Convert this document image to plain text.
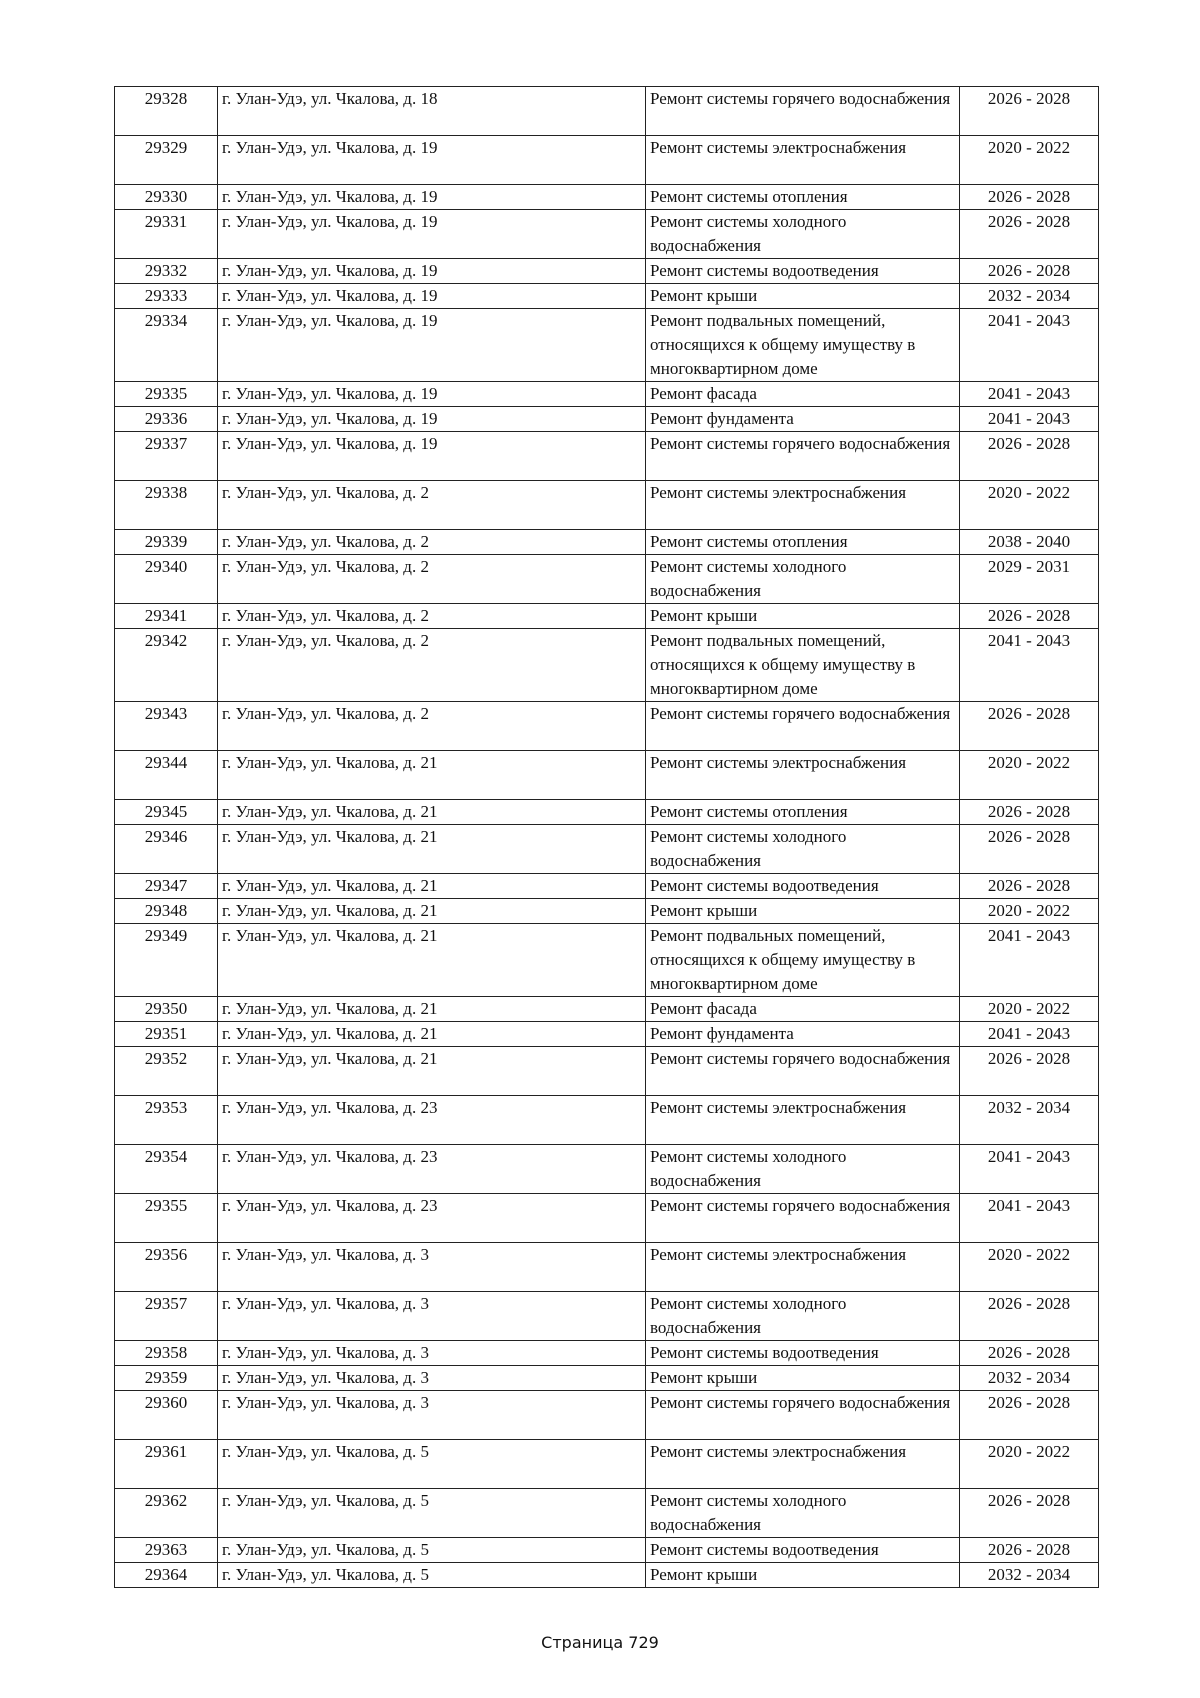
29328	г. Улан-Удэ, ул. Чкалова, д. 18	Ремонт системы горячего водоснабжения	2026 - 2028
29329	г. Улан-Удэ, ул. Чкалова, д. 19	Ремонт системы электроснабжения	2020 - 2022
29330	г. Улан-Удэ, ул. Чкалова, д. 19	Ремонт системы отопления	2026 - 2028
29331	г. Улан-Удэ, ул. Чкалова, д. 19	Ремонт системы холодного водоснабжения	2026 - 2028
29332	г. Улан-Удэ, ул. Чкалова, д. 19	Ремонт системы водоотведения	2026 - 2028
29333	г. Улан-Удэ, ул. Чкалова, д. 19	Ремонт крыши	2032 - 2034
29334	г. Улан-Удэ, ул. Чкалова, д. 19	Ремонт подвальных помещений, относящихся к общему имуществу в многоквартирном доме	2041 - 2043
29335	г. Улан-Удэ, ул. Чкалова, д. 19	Ремонт фасада	2041 - 2043
29336	г. Улан-Удэ, ул. Чкалова, д. 19	Ремонт фундамента	2041 - 2043
29337	г. Улан-Удэ, ул. Чкалова, д. 19	Ремонт системы горячего водоснабжения	2026 - 2028
29338	г. Улан-Удэ, ул. Чкалова, д. 2	Ремонт системы электроснабжения	2020 - 2022
29339	г. Улан-Удэ, ул. Чкалова, д. 2	Ремонт системы отопления	2038 - 2040
29340	г. Улан-Удэ, ул. Чкалова, д. 2	Ремонт системы холодного водоснабжения	2029 - 2031
29341	г. Улан-Удэ, ул. Чкалова, д. 2	Ремонт крыши	2026 - 2028
29342	г. Улан-Удэ, ул. Чкалова, д. 2	Ремонт подвальных помещений, относящихся к общему имуществу в многоквартирном доме	2041 - 2043
29343	г. Улан-Удэ, ул. Чкалова, д. 2	Ремонт системы горячего водоснабжения	2026 - 2028
29344	г. Улан-Удэ, ул. Чкалова, д. 21	Ремонт системы электроснабжения	2020 - 2022
29345	г. Улан-Удэ, ул. Чкалова, д. 21	Ремонт системы отопления	2026 - 2028
29346	г. Улан-Удэ, ул. Чкалова, д. 21	Ремонт системы холодного водоснабжения	2026 - 2028
29347	г. Улан-Удэ, ул. Чкалова, д. 21	Ремонт системы водоотведения	2026 - 2028
29348	г. Улан-Удэ, ул. Чкалова, д. 21	Ремонт крыши	2020 - 2022
29349	г. Улан-Удэ, ул. Чкалова, д. 21	Ремонт подвальных помещений, относящихся к общему имуществу в многоквартирном доме	2041 - 2043
29350	г. Улан-Удэ, ул. Чкалова, д. 21	Ремонт фасада	2020 - 2022
29351	г. Улан-Удэ, ул. Чкалова, д. 21	Ремонт фундамента	2041 - 2043
29352	г. Улан-Удэ, ул. Чкалова, д. 21	Ремонт системы горячего водоснабжения	2026 - 2028
29353	г. Улан-Удэ, ул. Чкалова, д. 23	Ремонт системы электроснабжения	2032 - 2034
29354	г. Улан-Удэ, ул. Чкалова, д. 23	Ремонт системы холодного водоснабжения	2041 - 2043
29355	г. Улан-Удэ, ул. Чкалова, д. 23	Ремонт системы горячего водоснабжения	2041 - 2043
29356	г. Улан-Удэ, ул. Чкалова, д. 3	Ремонт системы электроснабжения	2020 - 2022
29357	г. Улан-Удэ, ул. Чкалова, д. 3	Ремонт системы холодного водоснабжения	2026 - 2028
29358	г. Улан-Удэ, ул. Чкалова, д. 3	Ремонт системы водоотведения	2026 - 2028
29359	г. Улан-Удэ, ул. Чкалова, д. 3	Ремонт крыши	2032 - 2034
29360	г. Улан-Удэ, ул. Чкалова, д. 3	Ремонт системы горячего водоснабжения	2026 - 2028
29361	г. Улан-Удэ, ул. Чкалова, д. 5	Ремонт системы электроснабжения	2020 - 2022
29362	г. Улан-Удэ, ул. Чкалова, д. 5	Ремонт системы холодного водоснабжения	2026 - 2028
29363	г. Улан-Удэ, ул. Чкалова, д. 5	Ремонт системы водоотведения	2026 - 2028
29364	г. Улан-Удэ, ул. Чкалова, д. 5	Ремонт крыши	2032 - 2034
Страница 729
